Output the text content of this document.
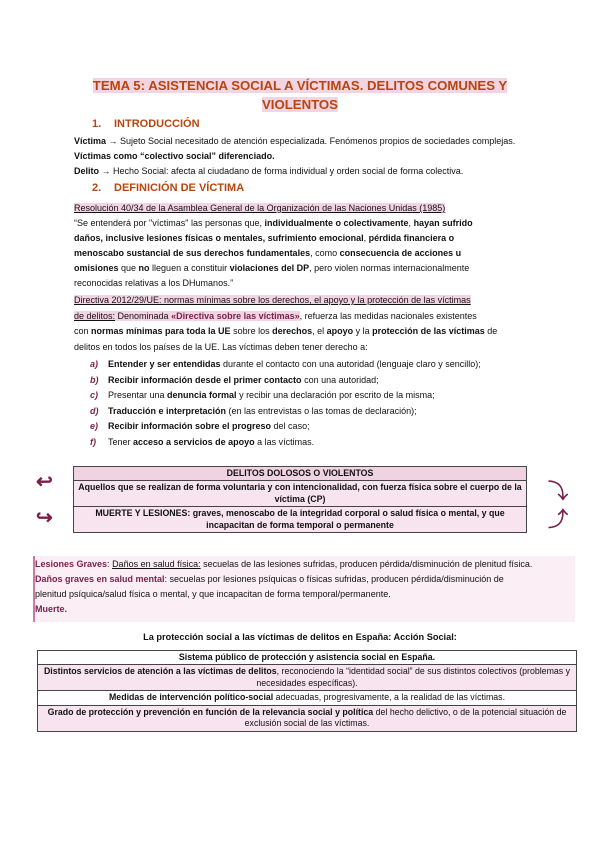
TEMA 5: ASISTENCIA SOCIAL A VÍCTIMAS. DELITOS COMUNES Y
VIOLENTOS
1. INTRODUCCIÓN
Víctima → Sujeto Social necesitado de atención especializada. Fenómenos propios de sociedades complejas.
Víctimas como “colectivo social” diferenciado.
Delito → Hecho Social: afecta al ciudadano de forma individual y orden social de forma colectiva.
2. DEFINICIÓN DE VÍCTIMA
Resolución 40/34 de la Asamblea General de la Organización de las Naciones Unidas (1985)
“Se entenderá por "víctimas" las personas que, individualmente o colectivamente, hayan sufrido
daños, inclusive lesiones físicas o mentales, sufrimiento emocional, pérdida financiera o
menoscabo sustancial de sus derechos fundamentales, como consecuencia de acciones u
omisiones que no lleguen a constituir violaciones del DP, pero violen normas internacionalmente
reconocidas relativas a los DHumanos.”
Directiva 2012/29/UE: normas mínimas sobre los derechos, el apoyo y la protección de las víctimas
de delitos: Denominada «Directiva sobre las víctimas», refuerza las medidas nacionales existentes
con normas mínimas para toda la UE sobre los derechos, el apoyo y la protección de las víctimas de
delitos en todos los países de la UE. Las víctimas deben tener derecho a:
a) Entender y ser entendidas durante el contacto con una autoridad (lenguaje claro y sencillo);
b) Recibir información desde el primer contacto con una autoridad;
c) Presentar una denuncia formal y recibir una declaración por escrito de la misma;
d) Traducción e interpretación (en las entrevistas o las tomas de declaración);
e) Recibir información sobre el progreso del caso;
f) Tener acceso a servicios de apoyo a las víctimas.
↩
↪
⤵
⤴
DELITOS DOLOSOS O VIOLENTOS
Aquellos que se realizan de forma voluntaria y con intencionalidad, con fuerza física sobre el cuerpo de la víctima (CP)
MUERTE Y LESIONES: graves, menoscabo de la integridad corporal o salud física o mental, y que incapacitan de forma temporal o permanente
Lesiones Graves: Daños en salud física: secuelas de las lesiones sufridas, producen pérdida/disminución de plenitud física.
Daños graves en salud mental: secuelas por lesiones psíquicas o físicas sufridas, producen pérdida/disminución de
plenitud psíquica/salud física o mental, y que incapacitan de forma temporal/permanente.
Muerte.
La protección social a las víctimas de delitos en España: Acción Social:
Sistema público de protección y asistencia social en España.
Distintos servicios de atención a las víctimas de delitos, reconociendo la “identidad social” de sus distintos colectivos (problemas y necesidades específicas).
Medidas de intervención político-social adecuadas, progresivamente, a la realidad de las víctimas.
Grado de protección y prevención en función de la relevancia social y política del hecho delictivo, o de la potencial situación de exclusión social de las víctimas.
